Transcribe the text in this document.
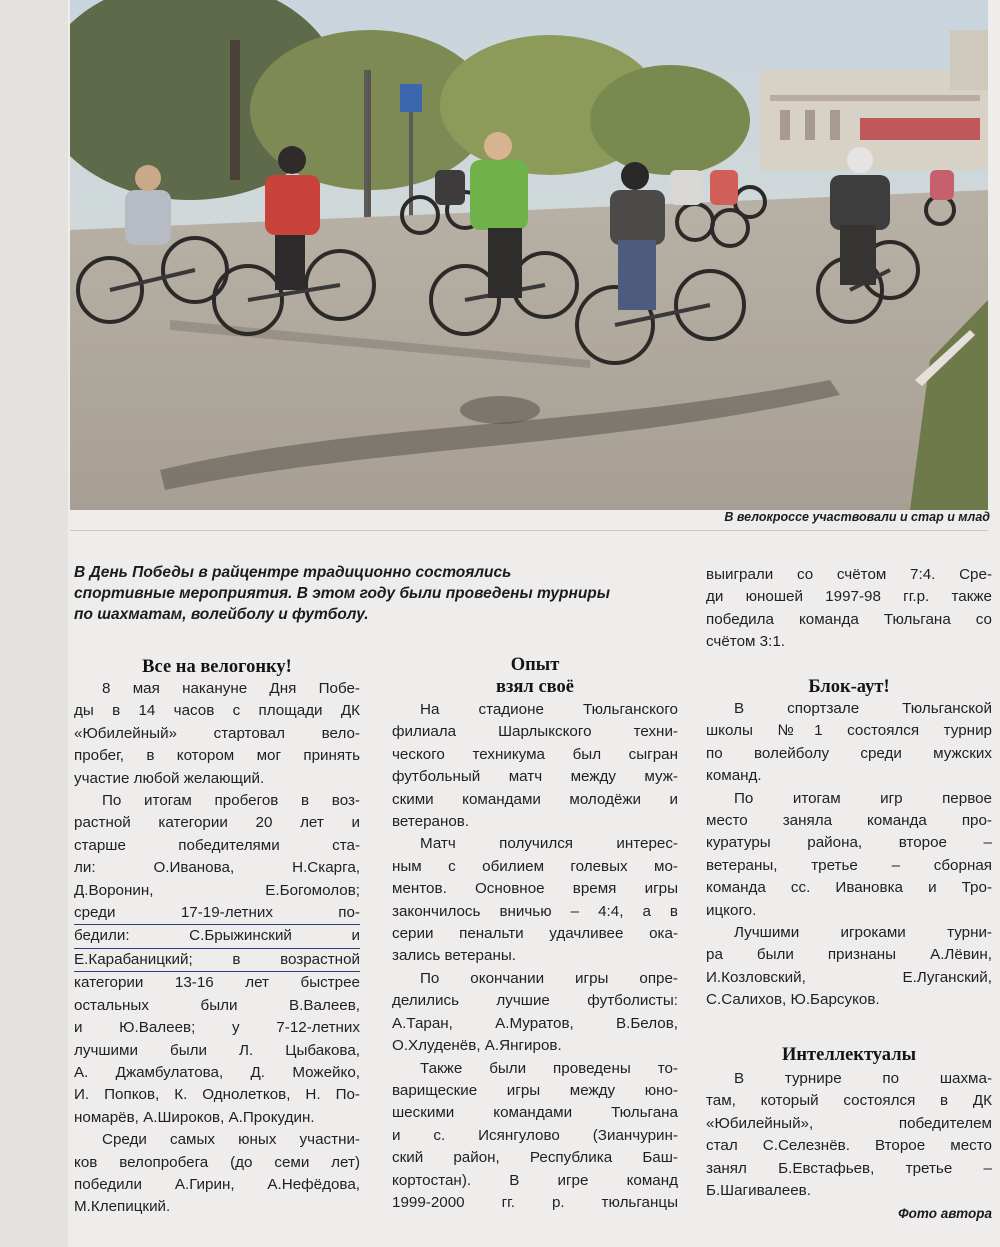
В велокроссе участвовали и стар и млад

В День Победы в райцентре традиционно состоялись

спортивные мероприятия. В этом году были проведены турниры

по шахматам, волейболу и футболу.

выиграли со счётом 7:4. Сре-

ди юношей 1997-98 гг.р. также

победила команда Тюльгана со

счётом 3:1.

Все на велогонку!

8 мая накануне Дня Побе-

ды в 14 часов с площади ДК

«Юбилейный» стартовал вело-

пробег, в котором мог принять

участие любой желающий.

По итогам пробегов в воз-

растной категории 20 лет и

старше победителями ста-

ли: О.Иванова, Н.Скарга,

Д.Воронин, Е.Богомолов;

среди 17-19-летних по-

бедили: С.Брыжинский и

Е.Карабаницкий; в возрастной

категории 13-16 лет быстрее

остальных были В.Валеев,

и Ю.Валеев; у 7-12-летних

лучшими были Л. Цыбакова,

А. Джамбулатова, Д. Можейко,

И. Попков, К. Однолетков, Н. По-

номарёв, А.Широков, А.Прокудин.

Среди самых юных участни-

ков велопробега (до семи лет)

победили А.Гирин, А.Нефёдова,

М.Клепицкий.

Опыт
взял своё

На стадионе Тюльганского

филиала Шарлыкского техни-

ческого техникума был сыгран

футбольный матч между муж-

скими командами молодёжи и

ветеранов.

Матч получился интерес-

ным с обилием голевых мо-

ментов. Основное время игры

закончилось вничью – 4:4, а в

серии пенальти удачливее ока-

зались ветераны.

По окончании игры опре-

делились лучшие футболисты:

А.Таран, А.Муратов, В.Белов,

О.Хлуденёв, А.Янгиров.

Также были проведены то-

варищеские игры между юно-

шескими командами Тюльгана

и с. Исянгулово (Зианчурин-

ский район, Республика Баш-

кортостан). В игре команд

1999-2000 гг. р. тюльганцы

Блок-аут!

В спортзале Тюльганской

школы №1 состоялся турнир

по волейболу среди мужских

команд.

По итогам игр первое

место заняла команда про-

куратуры района, второе –

ветераны, третье – сборная

команда сс. Ивановка и Тро-

ицкого.

Лучшими игроками турни-

ра были признаны А.Лёвин,

И.Козловский, Е.Луганский,

С.Салихов, Ю.Барсуков.

Интеллектуалы

В турнире по шахма-

там, который состоялся в ДК

«Юбилейный», победителем

стал С.Селезнёв. Второе место

занял Б.Евстафьев, третье –

Б.Шагивалеев.

Фото автора
